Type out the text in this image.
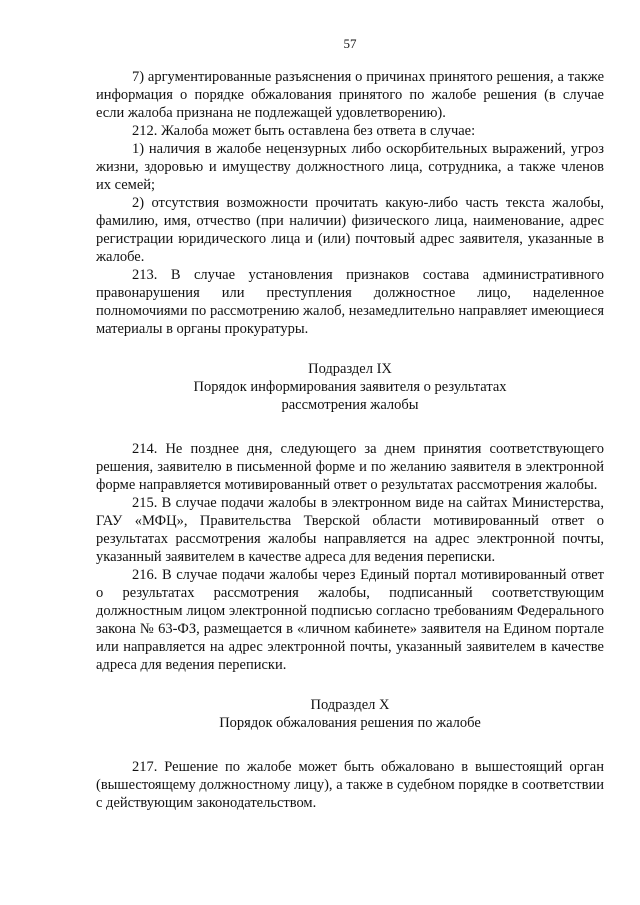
57

7) аргументированные разъяснения о причинах принятого решения, а также информация о порядке обжалования принятого по жалобе решения (в случае если жалоба признана не подлежащей удовлетворению).

212. Жалоба может быть оставлена без ответа в случае:

1) наличия в жалобе нецензурных либо оскорбительных выражений, угроз жизни, здоровью и имуществу должностного лица, сотрудника, а также членов их семей;

2) отсутствия возможности прочитать какую-либо часть текста жалобы, фамилию, имя, отчество (при наличии) физического лица, наименование, адрес регистрации юридического лица и (или) почтовый адрес заявителя, указанные в жалобе.

213. В случае установления признаков состава административного правонарушения или преступления должностное лицо, наделенное полномочиями по рассмотрению жалоб, незамедлительно направляет имеющиеся материалы в органы прокуратуры.

Подраздел IX
Порядок информирования заявителя о результатах
рассмотрения жалобы

214. Не позднее дня, следующего за днем принятия соответствующего решения, заявителю в письменной форме и по желанию заявителя в электронной форме направляется мотивированный ответ о результатах рассмотрения жалобы.

215. В случае подачи жалобы в электронном виде на сайтах Министерства, ГАУ «МФЦ», Правительства Тверской области мотивированный ответ о результатах рассмотрения жалобы направляется на адрес электронной почты, указанный заявителем в качестве адреса для ведения переписки.

216. В случае подачи жалобы через Единый портал мотивированный ответ о результатах рассмотрения жалобы, подписанный соответствующим должностным лицом электронной подписью согласно требованиям Федерального закона № 63-ФЗ, размещается в «личном кабинете» заявителя на Едином портале или направляется на адрес электронной почты, указанный заявителем в качестве адреса для ведения переписки.

Подраздел X
Порядок обжалования решения по жалобе

217. Решение по жалобе может быть обжаловано в вышестоящий орган (вышестоящему должностному лицу), а также в судебном порядке в соответствии с действующим законодательством.
